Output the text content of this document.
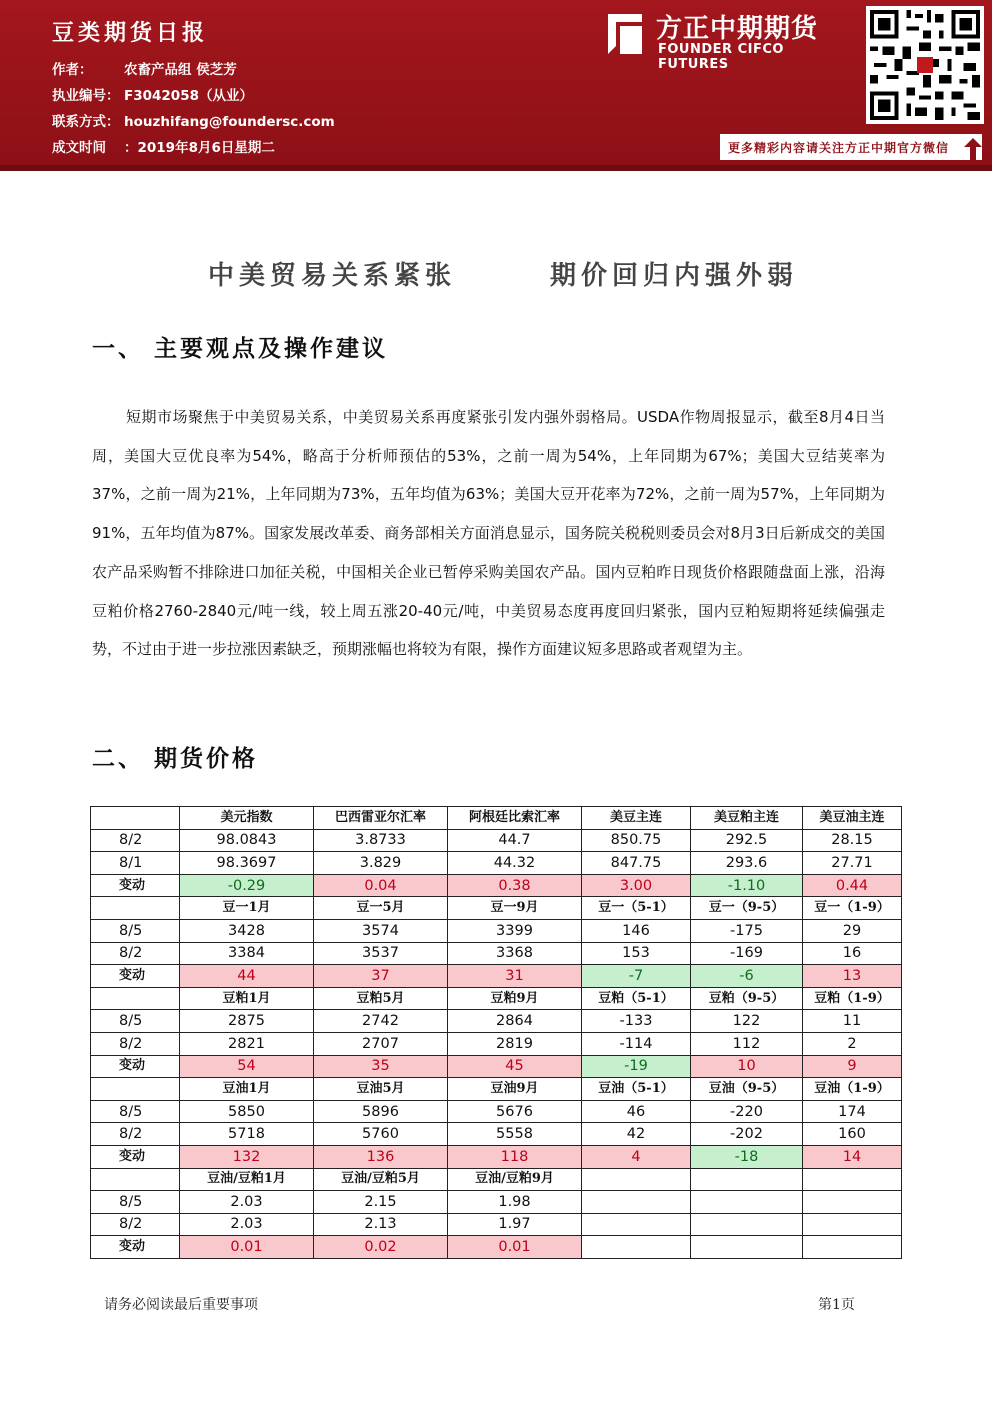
豆类期货日报
作者： 农畜产品组 侯芝芳
执业编号： F3042058（从业）
联系方式： houzhifang@foundersc.com
成文时间 ：2019年8月6日星期二
方正中期期货
FOUNDER CIFCO FUTURES
更多精彩内容请关注方正中期官方微信
中美贸易关系紧张	期价回归内强外弱
一、 主要观点及操作建议
短期市场聚焦于中美贸易关系，中美贸易关系再度紧张引发内强外弱格局。USDA作物周报显示，截至8月4日当周，美国大豆优良率为54%，略高于分析师预估的53%，之前一周为54%，上年同期为67%；美国大豆结荚率为37%，之前一周为21%，上年同期为73%，五年均值为63%；美国大豆开花率为72%，之前一周为57%，上年同期为91%，五年均值为87%。国家发展改革委、商务部相关方面消息显示，国务院关税税则委员会对8月3日后新成交的美国农产品采购暂不排除进口加征关税，中国相关企业已暂停采购美国农产品。国内豆粕昨日现货价格跟随盘面上涨，沿海豆粕价格2760-2840元/吨一线，较上周五涨20-40元/吨，中美贸易态度再度回归紧张，国内豆粕短期将延续偏强走势，不过由于进一步拉涨因素缺乏，预期涨幅也将较为有限，操作方面建议短多思路或者观望为主。
二、 期货价格
	美元指数	巴西雷亚尔汇率	阿根廷比索汇率	美豆主连	美豆粕主连	美豆油主连
8/2	98.0843	3.8733	44.7	850.75	292.5	28.15
8/1	98.3697	3.829	44.32	847.75	293.6	27.71
变动	-0.29	0.04	0.38	3.00	-1.10	0.44
	豆一1月	豆一5月	豆一9月	豆一（5-1）	豆一（9-5）	豆一（1-9）
8/5	3428	3574	3399	146	-175	29
8/2	3384	3537	3368	153	-169	16
变动	44	37	31	-7	-6	13
	豆粕1月	豆粕5月	豆粕9月	豆粕（5-1）	豆粕（9-5）	豆粕（1-9）
8/5	2875	2742	2864	-133	122	11
8/2	2821	2707	2819	-114	112	2
变动	54	35	45	-19	10	9
	豆油1月	豆油5月	豆油9月	豆油（5-1）	豆油（9-5）	豆油（1-9）
8/5	5850	5896	5676	46	-220	174
8/2	5718	5760	5558	42	-202	160
变动	132	136	118	4	-18	14
	豆油/豆粕1月	豆油/豆粕5月	豆油/豆粕9月			
8/5	2.03	2.15	1.98			
8/2	2.03	2.13	1.97			
变动	0.01	0.02	0.01			
请务必阅读最后重要事项	第1页
